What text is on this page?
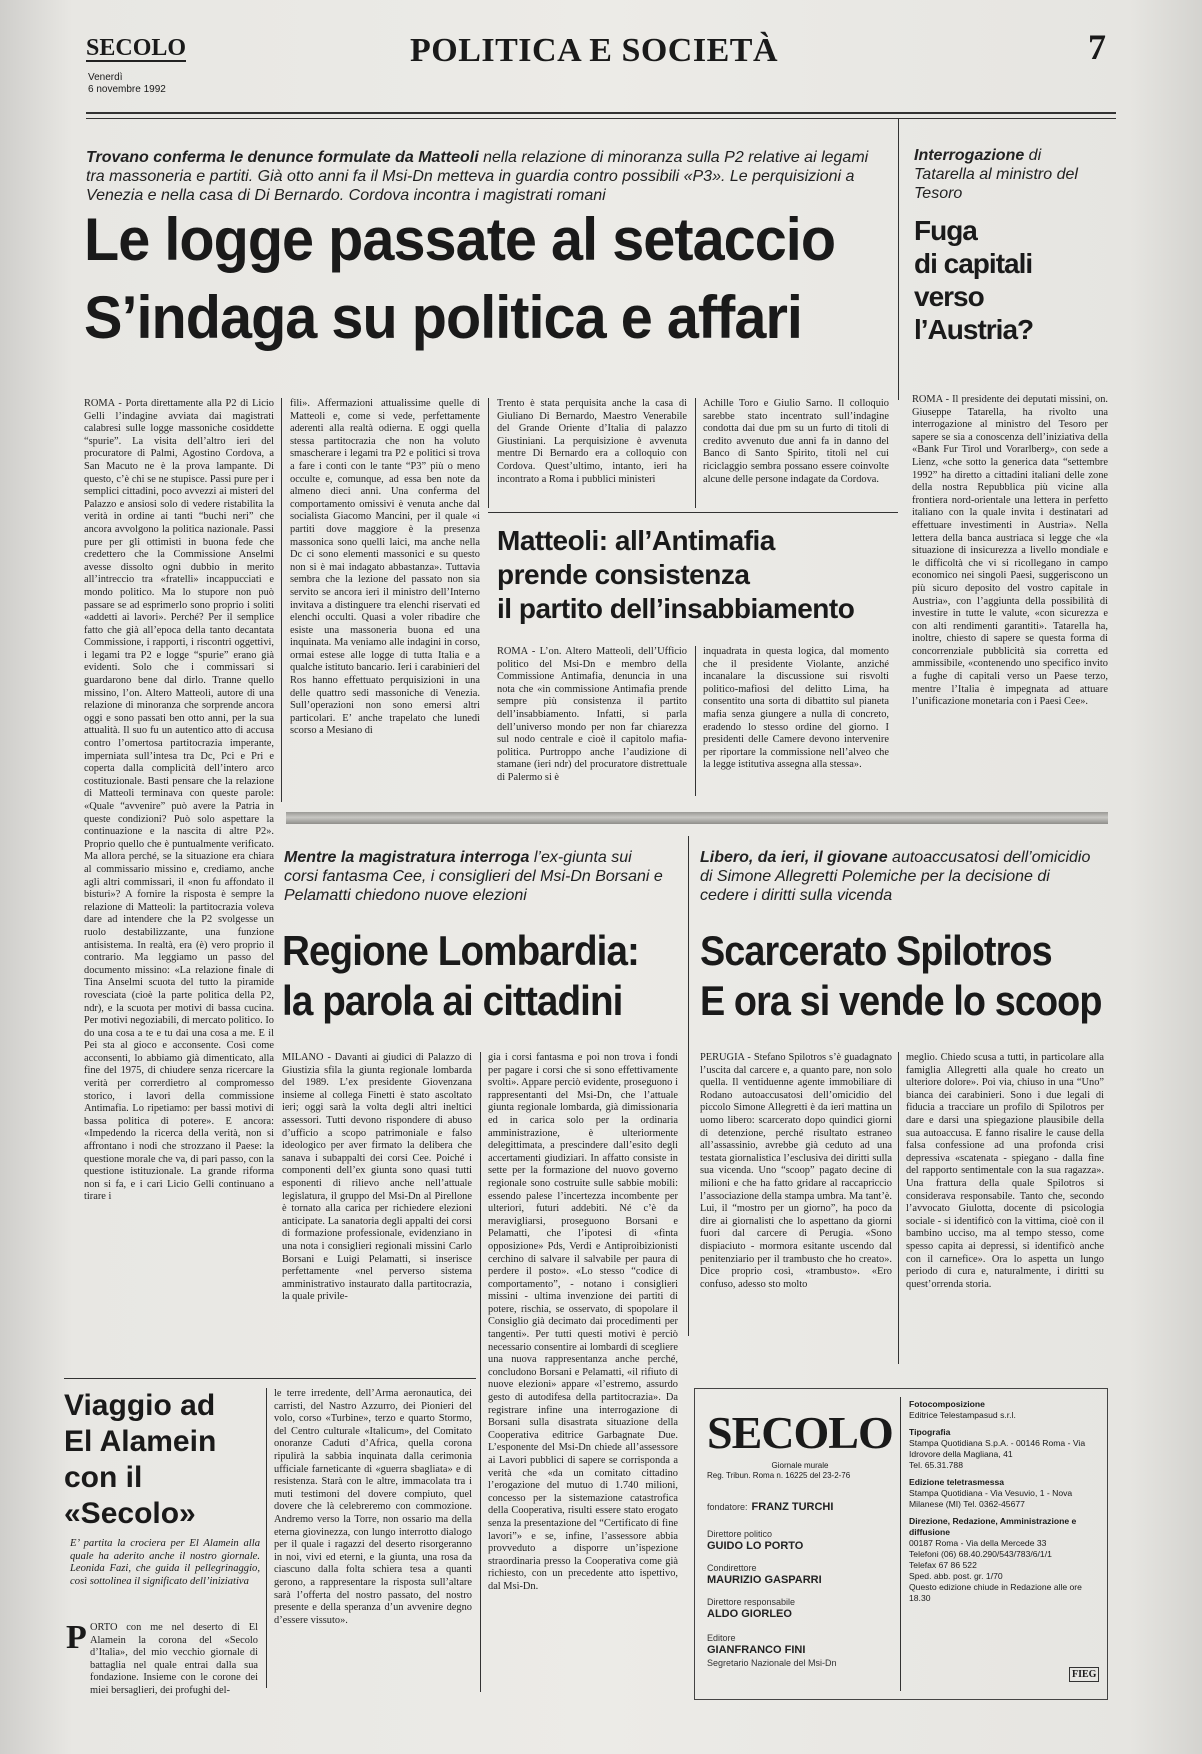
SECOLO
Venerdì
6 novembre 1992
POLITICA E SOCIETÀ	7
Trovano conferma le denunce formulate da Matteoli nella relazione di minoranza sulla P2 relative ai legami tra massoneria e partiti. Già otto anni fa il Msi-Dn metteva in guardia contro possibili «P3». Le perquisizioni a Venezia e nella casa di Di Bernardo. Cordova incontra i magistrati romani
Le logge passate al setaccio
S’indaga su politica e affari
ROMA - Porta direttamente alla P2 di Licio Gelli l’indagine avviata dai magistrati calabresi sulle logge massoniche cosiddette “spurie”. La visita dell’altro ieri del procuratore di Palmi, Agostino Cordova, a San Macuto ne è la prova lampante. Di questo, c’è chi se ne stupisce. Passi pure per i semplici cittadini, poco avvezzi ai misteri del Palazzo e ansiosi solo di vedere ristabilita la verità in ordine ai tanti “buchi neri” che ancora avvolgono la politica nazionale. Passi pure per gli ottimisti in buona fede che credettero che la Commissione Anselmi avesse dissolto ogni dubbio in merito all’intreccio tra «fratelli» incappucciati e mondo politico. Ma lo stupore non può passare se ad esprimerlo sono proprio i soliti «addetti ai lavori». Perché? Per il semplice fatto che già all’epoca della tanto decantata Commissione, i rapporti, i riscontri oggettivi, i legami tra P2 e logge “spurie” erano già evidenti. Solo che i commissari si guardarono bene dal dirlo. Tranne quello missino, l’on. Altero Matteoli, autore di una relazione di minoranza che sorprende ancora oggi e sono passati ben otto anni, per la sua attualità. Il suo fu un autentico atto di accusa contro l’omertosa partitocrazia imperante, imperniata sull’intesa tra Dc, Pci e Pri e coperta dalla complicità dell’intero arco costituzionale. Basti pensare che la relazione di Matteoli terminava con queste parole: «Quale “avvenire” può avere la Patria in queste condizioni? Può solo aspettare la continuazione e la nascita di altre P2». Proprio quello che è puntualmente verificato. Ma allora perché, se la situazione era chiara al commissario missino e, crediamo, anche agli altri commissari, il «non fu affondato il bisturi»? A fornire la risposta è sempre la relazione di Matteoli: la partitocrazia voleva dare ad intendere che la P2 svolgesse un ruolo destabilizzante, una funzione antisistema. In realtà, era (è) vero proprio il contrario. Ma leggiamo un passo del documento missino: «La relazione finale di Tina Anselmi scuota del tutto la piramide rovesciata (cioè la parte politica della P2, ndr), e la scuota per motivi di bassa cucina. Per motivi negoziabili, di mercato politico. Io do una cosa a te e tu dai una cosa a me. E il Pei sta al gioco e acconsente. Così come acconsenti, lo abbiamo già dimenticato, alla fine del 1975, di chiudere senza ricercare la verità per correrdietro al compromesso storico, i lavori della commissione Antimafia. Lo ripetiamo: per bassi motivi di bassa politica di potere». E ancora: «Impedendo la ricerca della verità, non si affrontano i nodi che strozzano il Paese: la questione morale che va, di pari passo, con la questione istituzionale. La grande riforma non si fa, e i cari Licio Gelli continuano a tirare i
fili». Affermazioni attualissime quelle di Matteoli e, come si vede, perfettamente aderenti alla realtà odierna. E oggi quella stessa partitocrazia che non ha voluto smascherare i legami tra P2 e politici si trova a fare i conti con le tante “P3” più o meno occulte e, comunque, ad essa ben note da almeno dieci anni. Una conferma del comportamento omissivi è venuta anche dal socialista Giacomo Mancini, per il quale «i partiti dove maggiore è la presenza massonica sono quelli laici, ma anche nella Dc ci sono elementi massonici e su questo non si è mai indagato abbastanza». Tuttavia sembra che la lezione del passato non sia servito se ancora ieri il ministro dell’Interno invitava a distinguere tra elenchi riservati ed elenchi occulti. Quasi a voler ribadire che esiste una massoneria buona ed una inquinata. Ma veniamo alle indagini in corso, ormai estese alle logge di tutta Italia e a qualche istituto bancario. Ieri i carabinieri del Ros hanno effettuato perquisizioni in una delle quattro sedi massoniche di Venezia. Sull’operazioni non sono emersi altri particolari. E’ anche trapelato che lunedì scorso a Mesiano di
Trento è stata perquisita anche la casa di Giuliano Di Bernardo, Maestro Venerabile del Grande Oriente d’Italia di palazzo Giustiniani. La perquisizione è avvenuta mentre Di Bernardo era a colloquio con Cordova. Quest’ultimo, intanto, ieri ha incontrato a Roma i pubblici ministeri
Achille Toro e Giulio Sarno. Il colloquio sarebbe stato incentrato sull’indagine condotta dai due pm su un furto di titoli di credito avvenuto due anni fa in danno del Banco di Santo Spirito, titoli nel cui riciclaggio sembra possano essere coinvolte alcune delle persone indagate da Cordova.
Matteoli: all’Antimafia
prende consistenza
il partito dell’insabbiamento
ROMA - L’on. Altero Matteoli, dell’Ufficio politico del Msi-Dn e membro della Commissione Antimafia, denuncia in una nota che «in commissione Antimafia prende sempre più consistenza il partito dell’insabbiamento. Infatti, si parla dell’universo mondo per non far chiarezza sul nodo centrale e cioè il capitolo mafia-politica. Purtroppo anche l’audizione di stamane (ieri ndr) del procuratore distrettuale di Palermo si è
inquadrata in questa logica, dal momento che il presidente Violante, anziché incanalare la discussione sui risvolti politico-mafiosi del delitto Lima, ha consentito una sorta di dibattito sul pianeta mafia senza giungere a nulla di concreto, eradendo lo stesso ordine del giorno. I presidenti delle Camere devono intervenire per riportare la commissione nell’alveo che la legge istitutiva assegna alla stessa».
Interrogazione di Tatarella al ministro del Tesoro
Fuga
di capitali
verso
l’Austria?
ROMA - Il presidente dei deputati missini, on. Giuseppe Tatarella, ha rivolto una interrogazione al ministro del Tesoro per sapere se sia a conoscenza dell’iniziativa della «Bank Fur Tirol und Vorarlberg», con sede a Lienz, «che sotto la generica data “settembre 1992” ha diretto a cittadini italiani delle zone della nostra Repubblica più vicine alla frontiera nord-orientale una lettera in perfetto italiano con la quale invita i destinatari ad effettuare investimenti in Austria». Nella lettera della banca austriaca si legge che «la situazione di insicurezza a livello mondiale e le difficoltà che vi si ricollegano in campo economico nei singoli Paesi, suggeriscono un più sicuro deposito del vostro capitale in Austria», con l’aggiunta della possibilità di investire in tutte le valute, «con sicurezza e con alti rendimenti garantiti». Tatarella ha, inoltre, chiesto di sapere se questa forma di concorrenziale pubblicità sia corretta ed ammissibile, «contenendo uno specifico invito a fughe di capitali verso un Paese terzo, mentre l’Italia è impegnata ad attuare l’unificazione monetaria con i Paesi Cee».
Mentre la magistratura interroga l’ex-giunta sui corsi fantasma Cee, i consiglieri del Msi-Dn Borsani e Pelamatti chiedono nuove elezioni
Regione Lombardia:
la parola ai cittadini
MILANO - Davanti ai giudici di Palazzo di Giustizia sfila la giunta regionale lombarda del 1989. L’ex presidente Giovenzana insieme al collega Finetti è stato ascoltato ieri; oggi sarà la volta degli altri ineltici assessori. Tutti devono rispondere di abuso d’ufficio a scopo patrimoniale e falso ideologico per aver firmato la delibera che sanava i subappalti dei corsi Cee. Poiché i componenti dell’ex giunta sono quasi tutti esponenti di rilievo anche nell’attuale legislatura, il gruppo del Msi-Dn al Pirellone è tornato alla carica per richiedere elezioni anticipate. La sanatoria degli appalti dei corsi di formazione professionale, evidenziano in una nota i consiglieri regionali missini Carlo Borsani e Luigi Pelamatti, si inserisce perfettamente «nel perverso sistema amministrativo instaurato dalla partitocrazia, la quale privile-
gia i corsi fantasma e poi non trova i fondi per pagare i corsi che si sono effettivamente svolti». Appare perciò evidente, proseguono i rappresentanti del Msi-Dn, che l’attuale giunta regionale lombarda, già dimissionaria ed in carica solo per la ordinaria amministrazione, è ulteriormente delegittimata, a prescindere dall’esito degli accertamenti giudiziari. In affatto consiste in sette per la formazione del nuovo governo regionale sono costruite sulle sabbie mobili: essendo palese l’incertezza incombente per ulteriori, futuri addebiti. Né c’è da meravigliarsi, proseguono Borsani e Pelamatti, che l’ipotesi di «finta opposizione» Pds, Verdi e Antiproibizionisti cerchino di salvare il salvabile per paura di perdere il posto». «Lo stesso “codice di comportamento”, - notano i consiglieri missini - ultima invenzione dei partiti di potere, rischia, se osservato, di spopolare il Consiglio già decimato dai procedimenti per tangenti». Per tutti questi motivi è perciò necessario consentire ai lombardi di scegliere una nuova rappresentanza anche perché, concludono Borsani e Pelamatti, «il rifiuto di nuove elezioni» appare «l’estremo, assurdo gesto di autodifesa della partitocrazia». Da registrare infine una interrogazione di Borsani sulla disastrata situazione della Cooperativa editrice Garbagnate Due. L’esponente del Msi-Dn chiede all’assessore ai Lavori pubblici di sapere se corrisponda a verità che «da un comitato cittadino l’erogazione del mutuo di 1.740 milioni, concesso per la sistemazione catastrofica della Cooperativa, risulti essere stato erogato senza la presentazione del “Certificato di fine lavori”» e se, infine, l’assessore abbia provveduto a disporre un’ispezione straordinaria presso la Cooperativa come già richiesto, con un precedente atto ispettivo, dal Msi-Dn.
Libero, da ieri, il giovane autoaccusatosi dell’omicidio di Simone Allegretti Polemiche per la decisione di cedere i diritti sulla vicenda
Scarcerato Spilotros
E ora si vende lo scoop
PERUGIA - Stefano Spilotros s’è guadagnato l’uscita dal carcere e, a quanto pare, non solo quella. Il ventiduenne agente immobiliare di Rodano autoaccusatosi dell’omicidio del piccolo Simone Allegretti è da ieri mattina un uomo libero: scarcerato dopo quindici giorni di detenzione, perché risultato estraneo all’assassinio, avrebbe già ceduto ad una testata giornalistica l’esclusiva dei diritti sulla sua vicenda. Uno “scoop” pagato decine di milioni e che ha fatto gridare al raccapriccio l’associazione della stampa umbra. Ma tant’è. Lui, il “mostro per un giorno”, ha poco da dire ai giornalisti che lo aspettano da giorni fuori dal carcere di Perugia. «Sono dispiaciuto - mormora esitante uscendo dal penitenziario per il trambusto che ho creato». Dice proprio così, «trambusto». «Ero confuso, adesso sto molto
meglio. Chiedo scusa a tutti, in particolare alla famiglia Allegretti alla quale ho creato un ulteriore dolore». Poi via, chiuso in una “Uno” bianca dei carabinieri. Sono i due legali di fiducia a tracciare un profilo di Spilotros per dare e darsi una spiegazione plausibile della sua autoaccusa. E fanno risalire le cause della falsa confessione ad una profonda crisi depressiva «scatenata - spiegano - dalla fine del rapporto sentimentale con la sua ragazza». Una frattura della quale Spilotros si considerava responsabile. Tanto che, secondo l’avvocato Giulotta, docente di psicologia sociale - si identificò con la vittima, cioè con il bambino ucciso, ma al tempo stesso, come spesso capita ai depressi, si identificò anche con il carnefice». Ora lo aspetta un lungo periodo di cura e, naturalmente, i diritti su quest’orrenda storia.
Viaggio ad
El Alamein
con il
«Secolo»
E’ partita la crociera per El Alamein alla quale ha aderito anche il nostro giornale. Leonida Fazi, che guida il pellegrinaggio, così sottolinea il significato dell’iniziativa
P ORTO con me nel deserto di El Alamein la corona del «Secolo d’Italia», del mio vecchio giornale di battaglia nel quale entrai dalla sua fondazione. Insieme con le corone dei miei bersaglieri, dei profughi del-
le terre irredente, dell’Arma aeronautica, dei carristi, del Nastro Azzurro, dei Pionieri del volo, corso «Turbine», terzo e quarto Stormo, del Centro culturale «Italicum», del Comitato onoranze Caduti d’Africa, quella corona ripulirà la sabbia inquinata dalla cerimonia ufficiale farneticante di «guerra sbagliata» e di resistenza. Starà con le altre, immacolata tra i muti testimoni del dovere compiuto, quel dovere che là celebreremo con commozione. Andremo verso la Torre, non ossario ma della eterna giovinezza, con lungo interrotto dialogo per il quale i ragazzi del deserto risorgeranno in noi, vivi ed eterni, e la giunta, una rosa da ciascuno dalla folta schiera tesa a quanti gerono, a rappresentare la risposta sull’altare sarà l’offerta del nostro passato, del nostro presente e della speranza d’un avvenire degno d’essere vissuto».
SECOLO
Giornale murale
Reg. Tribun. Roma n. 16225 del 23-2-76
fondatore: FRANZ TURCHI
Direttore politico
GUIDO LO PORTO
Condirettore
MAURIZIO GASPARRI
Direttore responsabile
ALDO GIORLEO
Editore
GIANFRANCO FINI
Segretario Nazionale del Msi-Dn
Fotocomposizione
Editrice Telestampasud s.r.l.
Tipografia
Stampa Quotidiana S.p.A. - 00146 Roma - Via Idrovore della Magliana, 41
Tel. 65.31.788
Edizione teletrasmessa
Stampa Quotidiana - Via Vesuvio, 1 - Nova Milanese (MI) Tel. 0362-45677
Direzione, Redazione, Amministrazione e diffusione
00187 Roma - Via della Mercede 33
Telefoni (06) 68.40.290/543/783/6/1/1
Telefax 67 86 522
Sped. abb. post. gr. 1/70
Questo edizione chiude in Redazione alle ore 18.30
FIEG
